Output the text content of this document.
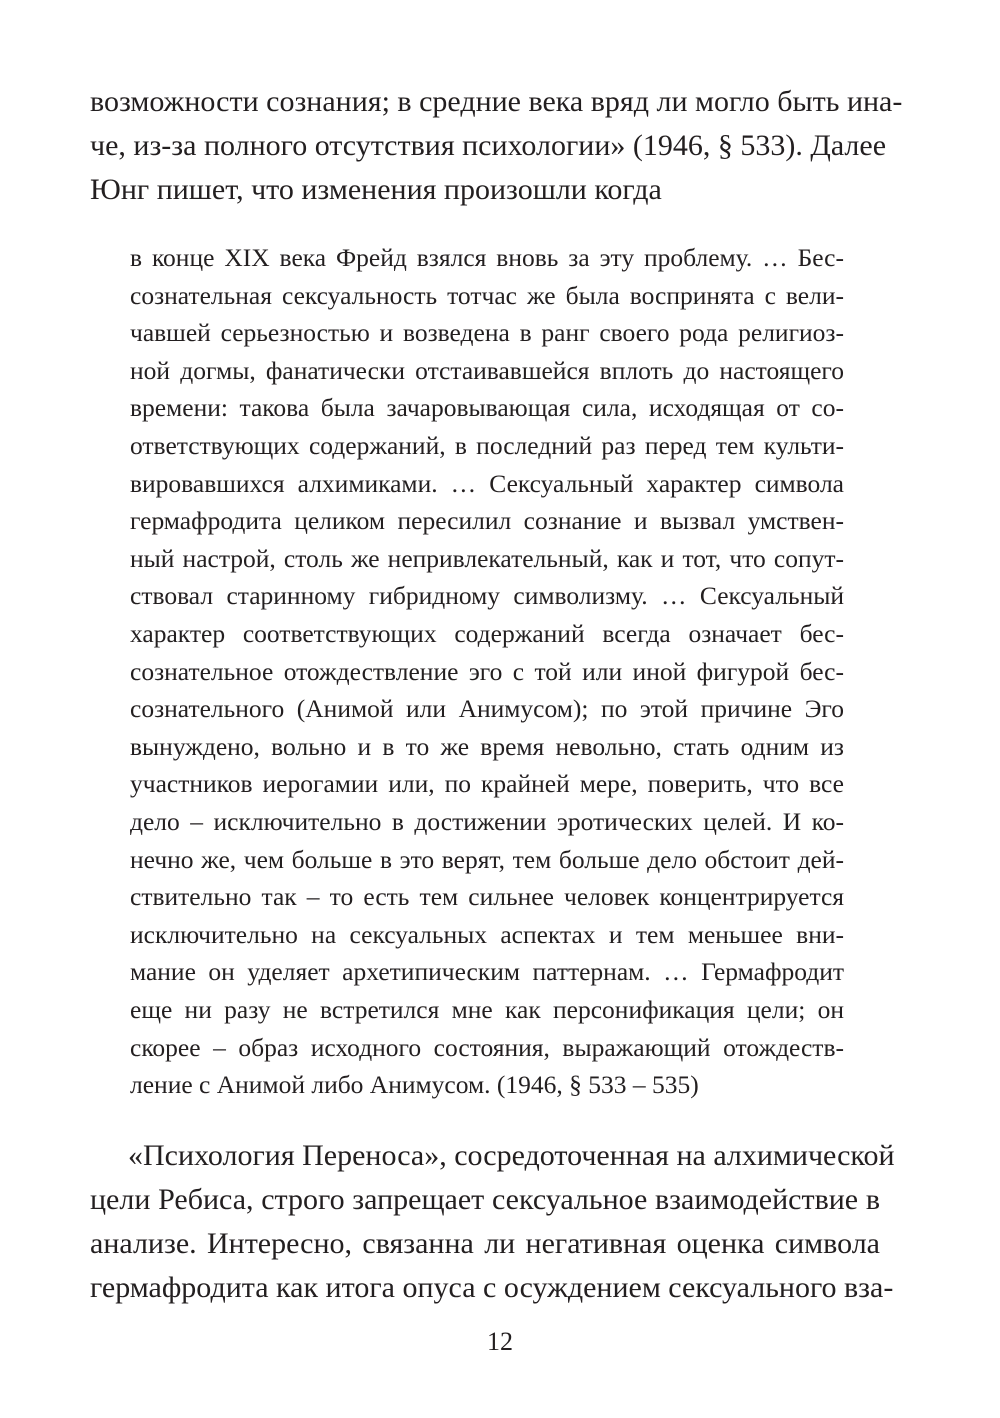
возможности сознания; в средние века вряд ли могло быть ина-
че, из-за полного отсутствия психологии» (1946, § 533). Далее
Юнг пишет, что изменения произошли когда
в конце XIX века Фрейд взялся вновь за эту проблему. … Бес-
сознательная сексуальность тотчас же была воспринята с вели-
чавшей серьезностью и возведена в ранг своего рода религиоз-
ной догмы, фанатически отстаивавшейся вплоть до настоящего
времени: такова была зачаровывающая сила, исходящая от со-
ответствующих содержаний, в последний раз перед тем культи-
вировавшихся алхимиками. … Сексуальный характер символа
гермафродита целиком пересилил сознание и вызвал умствен-
ный настрой, столь же непривлекательный, как и тот, что сопут-
ствовал старинному гибридному символизму. … Сексуальный
характер соответствующих содержаний всегда означает бес-
сознательное отождествление эго с той или иной фигурой бес-
сознательного (Анимой или Анимусом); по этой причине Эго
вынуждено, вольно и в то же время невольно, стать одним из
участников иерогамии или, по крайней мере, поверить, что все
дело – исключительно в достижении эротических целей. И ко-
нечно же, чем больше в это верят, тем больше дело обстоит дей-
ствительно так – то есть тем сильнее человек концентрируется
исключительно на сексуальных аспектах и тем меньшее вни-
мание он уделяет архетипическим паттернам. … Гермафродит
еще ни разу не встретился мне как персонификация цели; он
скорее – образ исходного состояния, выражающий отождеств-
ление с Анимой либо Анимусом. (1946, § 533 – 535)
«Психология Переноса», сосредоточенная на алхимической
цели Ребиса, строго запрещает сексуальное взаимодействие в
анализе. Интересно, связанна ли негативная оценка символа
гермафродита как итога опуса с осуждением сексуального вза-
12
